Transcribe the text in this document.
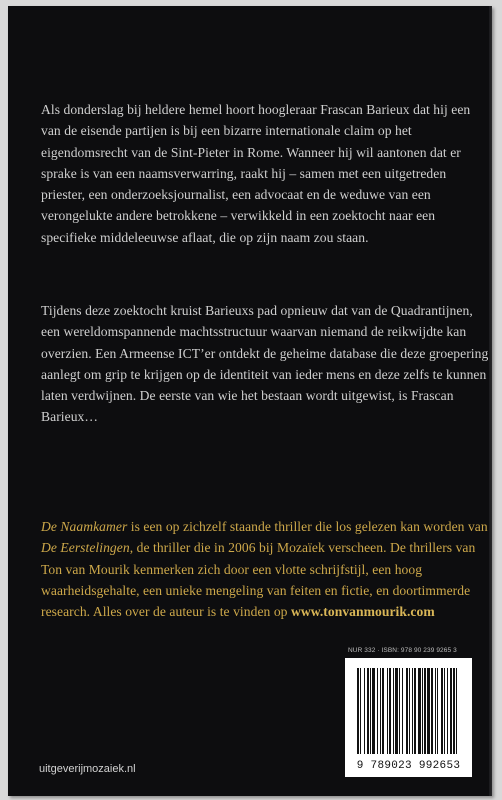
Als donderslag bij heldere hemel hoort hoogleraar Frascan Barieux dat hij een van de eisende partijen is bij een bizarre internationale claim op het eigendomsrecht van de Sint-Pieter in Rome. Wanneer hij wil aantonen dat er sprake is van een naamsverwarring, raakt hij – samen met een uitgetreden priester, een onderzoeksjournalist, een advocaat en de weduwe van een verongelukte andere betrokkene – verwikkeld in een zoektocht naar een specifieke middeleeuwse aflaat, die op zijn naam zou staan.

Tijdens deze zoektocht kruist Barieuxs pad opnieuw dat van de Quadrantijnen, een wereldomspannende machtsstructuur waarvan niemand de reikwijdte kan overzien. Een Armeense ICT’er ontdekt de geheime database die deze groepering aanlegt om grip te krijgen op de identiteit van ieder mens en deze zelfs te kunnen laten verdwijnen. De eerste van wie het bestaan wordt uitgewist, is Frascan Barieux…

De Naamkamer is een op zichzelf staande thriller die los gelezen kan worden van De Eerstelingen, de thriller die in 2006 bij Mozaïek verscheen. De thrillers van Ton van Mourik kenmerken zich door een vlotte schrijfstijl, een hoog waarheidsgehalte, een unieke mengeling van feiten en fictie, en doortimmerde research. Alles over de auteur is te vinden op www.tonvanmourik.com

NUR 332 · ISBN: 978 90 239 9265 3
9 789023 992653
uitgeverijmozaiek.nl
